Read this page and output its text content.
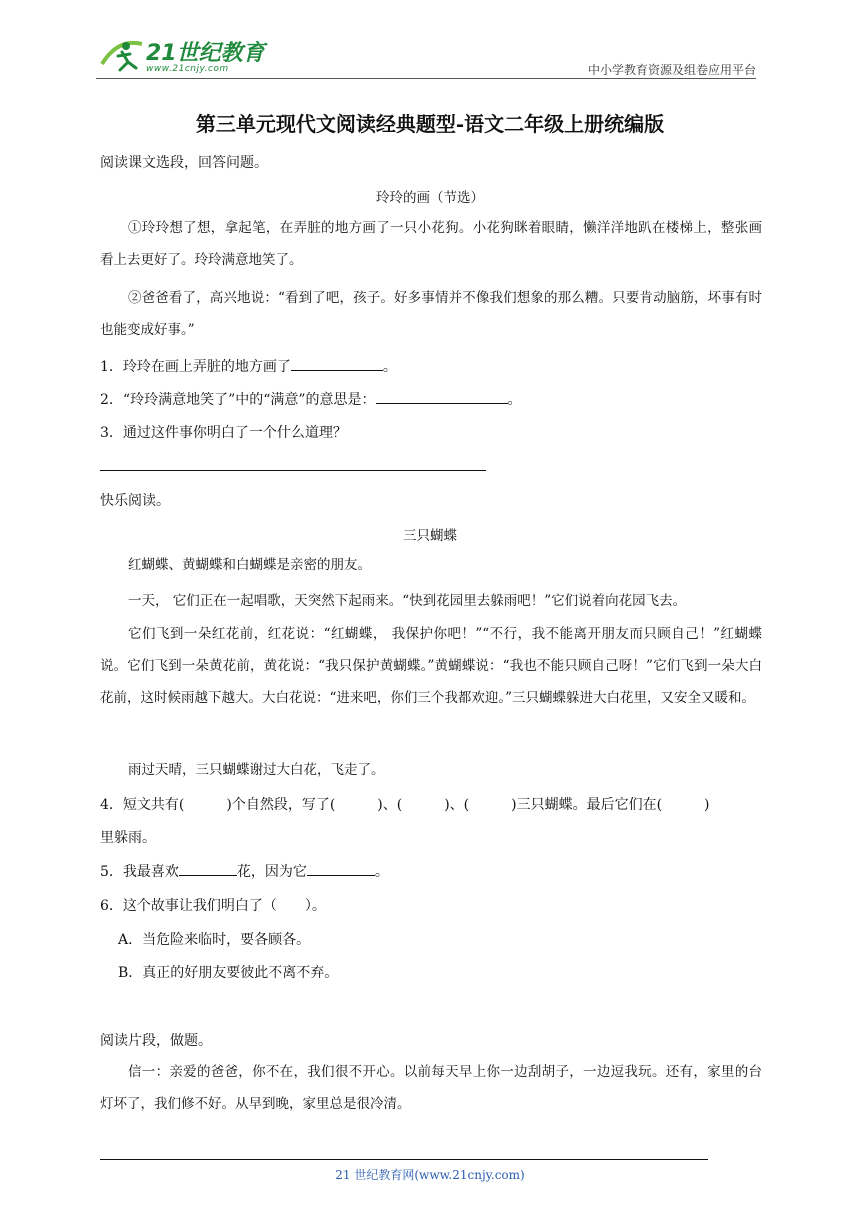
21世纪教育
www.21cnjy.com	中小学教育资源及组卷应用平台
第三单元现代文阅读经典题型-语文二年级上册统编版
阅读课文选段，回答问题。
玲玲的画（节选）
①玲玲想了想，拿起笔，在弄脏的地方画了一只小花狗。小花狗眯着眼睛，懒洋洋地趴在楼梯上，整张画看上去更好了。玲玲满意地笑了。
②爸爸看了，高兴地说：“看到了吧，孩子。好多事情并不像我们想象的那么糟。只要肯动脑筋，坏事有时也能变成好事。”
1．玲玲在画上弄脏的地方画了	。
2．“玲玲满意地笑了”中的“满意”的意思是：	。
3．通过这件事你明白了一个什么道理？
快乐阅读。
三只蝴蝶
红蝴蝶、黄蝴蝶和白蝴蝶是亲密的朋友。
一天， 它们正在一起唱歌，天突然下起雨来。“快到花园里去躲雨吧！”它们说着向花园飞去。
它们飞到一朵红花前，红花说：“红蝴蝶， 我保护你吧！”“不行，我不能离开朋友而只顾自己！”红蝴蝶说。它们飞到一朵黄花前，黄花说：“我只保护黄蝴蝶。”黄蝴蝶说：“我也不能只顾自己呀！”它们飞到一朵大白花前，这时候雨越下越大。大白花说：“进来吧，你们三个我都欢迎。”三只蝴蝶躲进大白花里，又安全又暖和。
雨过天晴，三只蝴蝶谢过大白花，飞走了。
4．短文共有(　　　)个自然段，写了(　　　)、(　　　)、(　　　)三只蝴蝶。最后它们在(　　　)
里躲雨。
5．我最喜欢	花，因为它	。
6．这个故事让我们明白了（　　）。
A．当危险来临时，要各顾各。
B．真正的好朋友要彼此不离不弃。
阅读片段，做题。
信一：亲爱的爸爸，你不在，我们很不开心。以前每天早上你一边刮胡子，一边逗我玩。还有，家里的台灯坏了，我们修不好。从早到晚，家里总是很冷清。
21 世纪教育网(www.21cnjy.com)
